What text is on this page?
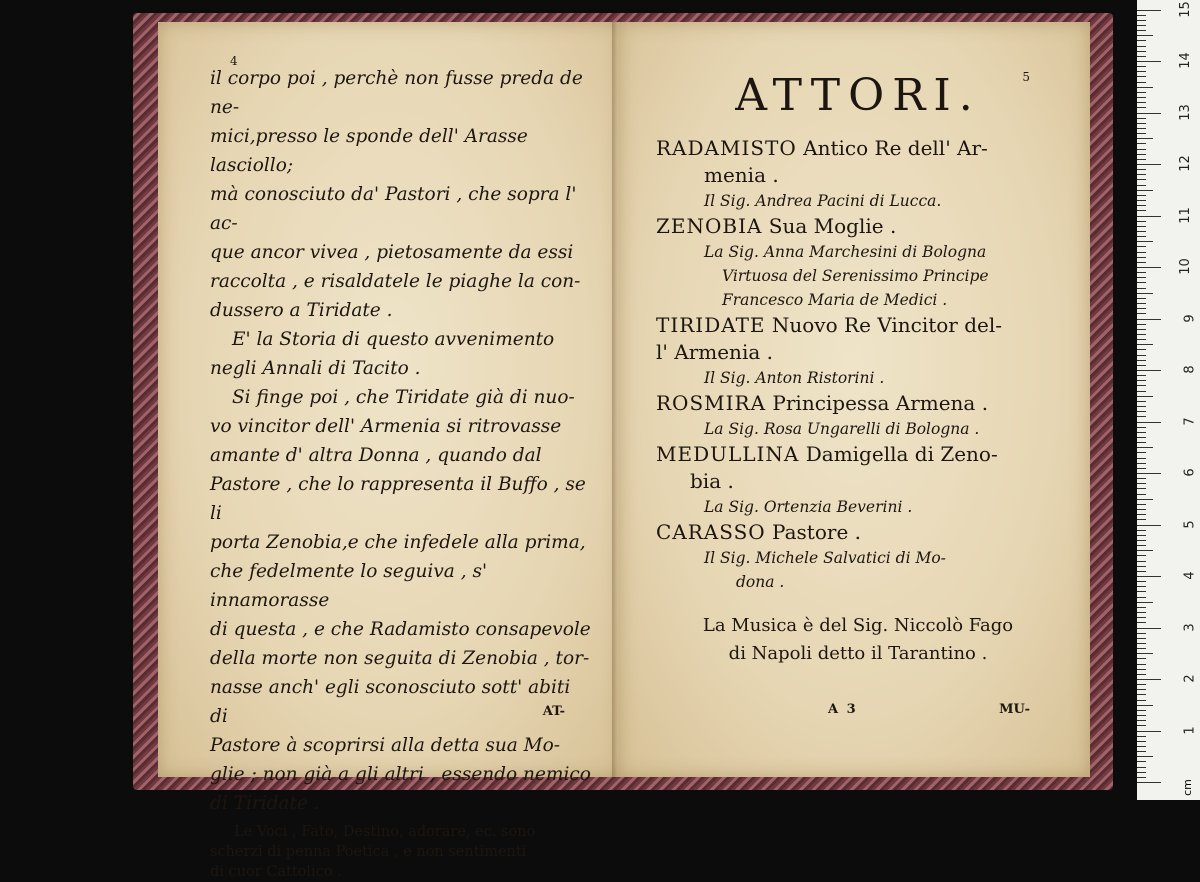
4

il corpo poi , perchè non fusse preda de ne-

mici,presso le sponde dell' Arasse lasciollo;

mà conosciuto da' Pastori , che sopra l' ac-

que ancor vivea , pietosamente da essi

raccolta , e risaldatele le piaghe la con-

dussero a Tiridate .

E' la Storia di questo avvenimento

negli Annali di Tacito .

Si finge poi , che Tiridate già di nuo-

vo vincitor dell' Armenia si ritrovasse

amante d' altra Donna , quando dal

Pastore , che lo rappresenta il Buffo , se li

porta Zenobia,e che infedele alla prima,

che fedelmente lo seguiva , s' innamorasse

di questa , e che Radamisto consapevole

della morte non seguita di Zenobia , tor-

nasse anch' egli sconosciuto sott' abiti di

Pastore à scoprirsi alla detta sua Mo-

glie ; non già a gli altri , essendo nemico

di Tiridate .

Le Voci , Fato, Destino, adorare, ec. sono
scherzi di penna Poetica , e non sentimenti
di cuor Cattolico .
AT-
5
ATTORI.
RADAMISTO Antico Re dell' Ar-
menia .
Il Sig. Andrea Pacini di Lucca.
ZENOBIA Sua Moglie .
La Sig. Anna Marchesini di Bologna
Virtuosa del Serenissimo Principe
Francesco Maria de Medici .
TIRIDATE Nuovo Re Vincitor del-
l' Armenia .
Il Sig. Anton Ristorini .
ROSMIRA Principessa Armena .
La Sig. Rosa Ungarelli di Bologna .
MEDULLINA Damigella di Zeno-
bia .
La Sig. Ortenzia Beverini .
CARASSO Pastore .
Il Sig. Michele Salvatici di Mo-
dona .
La Musica è del Sig. Niccolò Fago
di Napoli detto il Tarantino .
A 3	MU-
cm
1
2
3
4
5
6
7
8
9
10
11
12
13
14
15
